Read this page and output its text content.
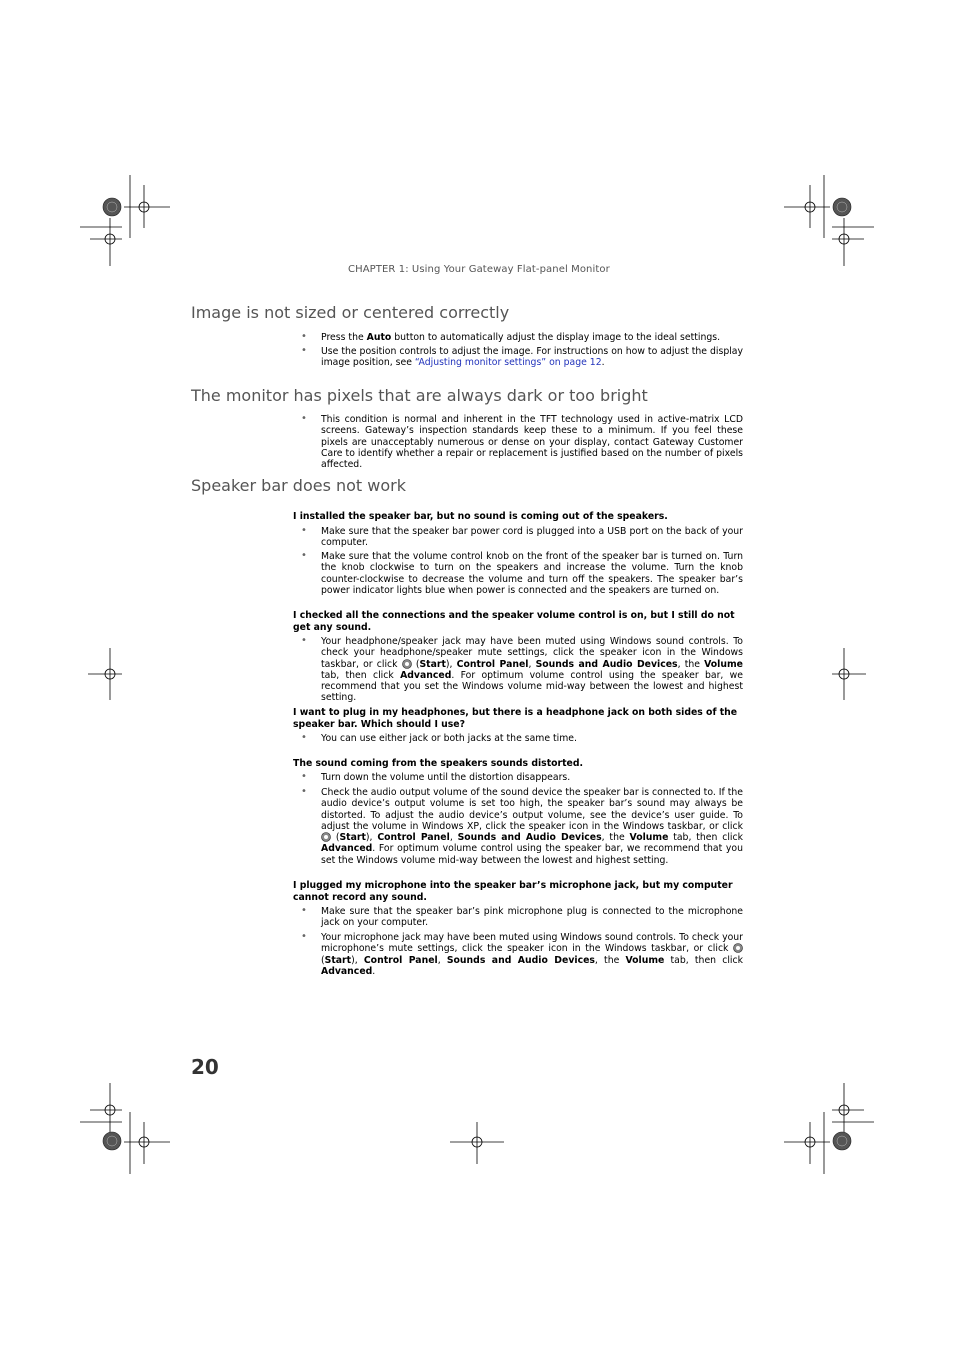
CHAPTER 1: Using Your Gateway Flat-panel Monitor
Image is not sized or centered correctly
• Press the Auto button to automatically adjust the display image to the ideal settings.
• Use the position controls to adjust the image. For instructions on how to adjust the display image position, see “Adjusting monitor settings” on page 12.
The monitor has pixels that are always dark or too bright
• This condition is normal and inherent in the TFT technology used in active-matrix LCD screens. Gateway’s inspection standards keep these to a minimum. If you feel these pixels are unacceptably numerous or dense on your display, contact Gateway Customer Care to identify whether a repair or replacement is justified based on the number of pixels affected.
Speaker bar does not work
I installed the speaker bar, but no sound is coming out of the speakers.
• Make sure that the speaker bar power cord is plugged into a USB port on the back of your computer.
• Make sure that the volume control knob on the front of the speaker bar is turned on. Turn the knob clockwise to turn on the speakers and increase the volume. Turn the knob counter-clockwise to decrease the volume and turn off the speakers. The speaker bar’s power indicator lights blue when power is connected and the speakers are turned on.
I checked all the connections and the speaker volume control is on, but I still do not get any sound.
• Your headphone/speaker jack may have been muted using Windows sound controls. To check your headphone/speaker mute settings, click the speaker icon in the Windows taskbar, or click  (Start), Control Panel, Sounds and Audio Devices, the Volume tab, then click Advanced. For optimum volume control using the speaker bar, we recommend that you set the Windows volume mid-way between the lowest and highest setting.
I want to plug in my headphones, but there is a headphone jack on both sides of the speaker bar. Which should I use?
• You can use either jack or both jacks at the same time.
The sound coming from the speakers sounds distorted.
• Turn down the volume until the distortion disappears.
• Check the audio output volume of the sound device the speaker bar is connected to. If the audio device’s output volume is set too high, the speaker bar’s sound may always be distorted. To adjust the audio device’s output volume, see the device’s user guide. To adjust the volume in Windows XP, click the speaker icon in the Windows taskbar, or click  (Start), Control Panel, Sounds and Audio Devices, the Volume tab, then click Advanced. For optimum volume control using the speaker bar, we recommend that you set the Windows volume mid-way between the lowest and highest setting.
I plugged my microphone into the speaker bar’s microphone jack, but my computer cannot record any sound.
• Make sure that the speaker bar’s pink microphone plug is connected to the microphone jack on your computer.
• Your microphone jack may have been muted using Windows sound controls. To check your microphone’s mute settings, click the speaker icon in the Windows taskbar, or click  (Start), Control Panel, Sounds and Audio Devices, the Volume tab, then click Advanced.
20
